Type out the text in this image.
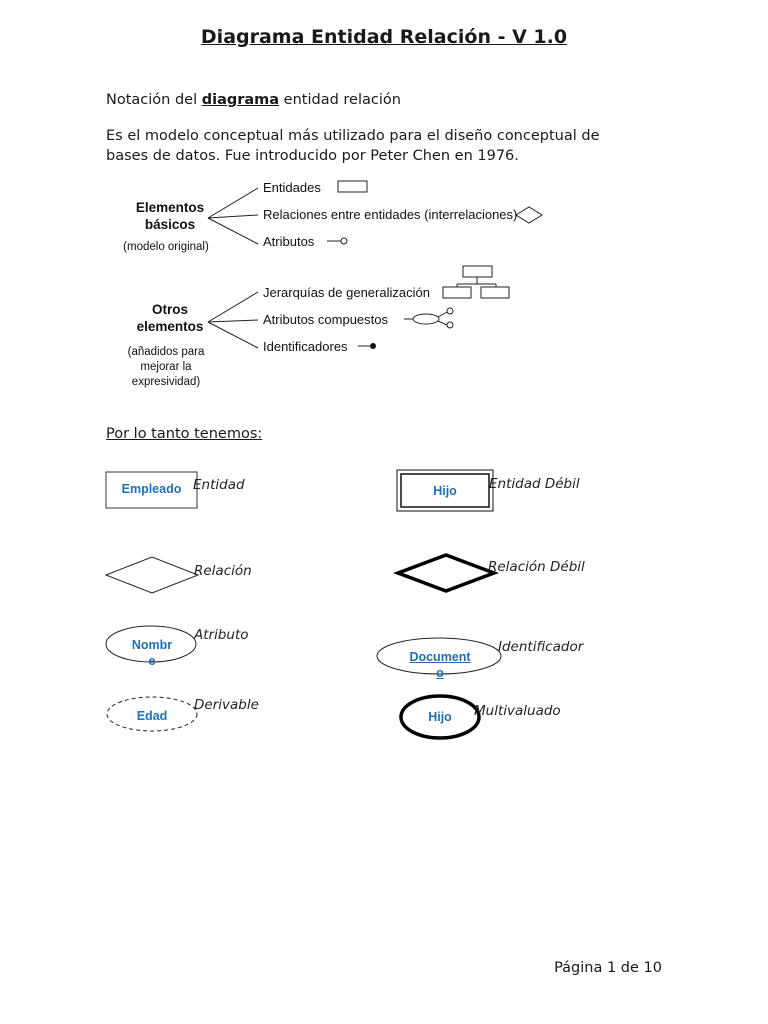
Diagrama Entidad Relación - V 1.0
Notación del diagrama entidad relación
Es el modelo conceptual más utilizado para el diseño conceptual de
bases de datos. Fue introducido por Peter Chen en 1976.
Elementos
básicos
(modelo original)
Entidades
Relaciones entre entidades (interrelaciones)
Atributos
Otros
elementos
(añadidos para
mejorar la
expresividad)
Jerarquías de generalización
Atributos compuestos
Identificadores
Por lo tanto tenemos:
Empleado Entidad	Hijo	Entidad Débil
Relación	Relación Débil
Nombr
e
Atributo
Document
o
Identificador
Edad
Derivable
Hijo	Multivaluado
Página 1 de 10
